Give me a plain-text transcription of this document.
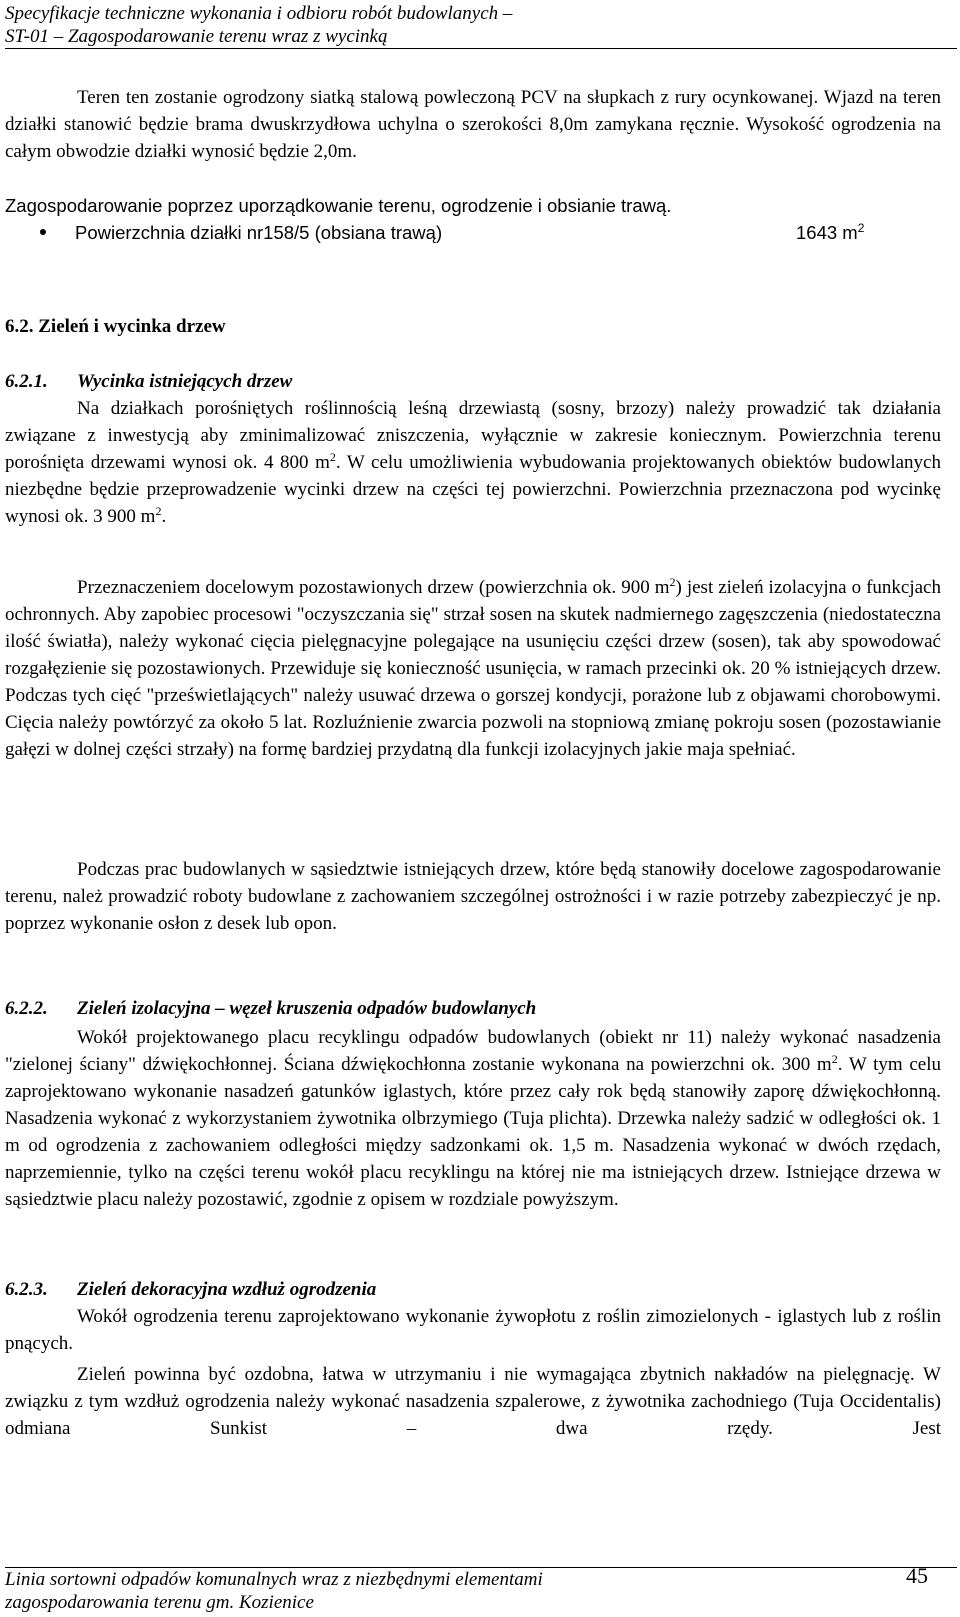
Specyfikacje techniczne wykonania i odbioru robót budowlanych –
ST-01 – Zagospodarowanie terenu wraz z wycinką
Teren ten zostanie ogrodzony siatką stalową powleczoną PCV na słupkach z rury ocynkowanej. Wjazd na teren działki stanowić będzie brama dwuskrzydłowa uchylna o szerokości 8,0m zamykana ręcznie. Wysokość ogrodzenia na całym obwodzie działki wynosić będzie 2,0m.
Zagospodarowanie poprzez uporządkowanie terenu, ogrodzenie i obsianie trawą.
Powierzchnia działki nr158/5 (obsiana trawą)	1643 $m^2$
6.2. Zieleń i wycinka drzew
6.2.1. Wycinka istniejących drzew
Na działkach porośniętych roślinnością leśną drzewiastą (sosny, brzozy) należy prowadzić tak działania związane z inwestycją aby zminimalizować zniszczenia, wyłącznie w zakresie koniecznym. Powierzchnia terenu porośnięta drzewami wynosi ok. 4 800 $m^2$. W celu umożliwienia wybudowania projektowanych obiektów budowlanych niezbędne będzie przeprowadzenie wycinki drzew na części tej powierzchni. Powierzchnia przeznaczona pod wycinkę wynosi ok. 3 900 $m^2$.
Przeznaczeniem docelowym pozostawionych drzew (powierzchnia ok. 900 $m^2$) jest zieleń izolacyjna o funkcjach ochronnych. Aby zapobiec procesowi "oczyszczania się" strzał sosen na skutek nadmiernego zagęszczenia (niedostateczna ilość światła), należy wykonać cięcia pielęgnacyjne polegające na usunięciu części drzew (sosen), tak aby spowodować rozgałęzienie się pozostawionych. Przewiduje się konieczność usunięcia, w ramach przecinki ok. 20 % istniejących drzew. Podczas tych cięć "prześwietlających" należy usuwać drzewa o gorszej kondycji, porażone lub z objawami chorobowymi. Cięcia należy powtórzyć za około 5 lat. Rozluźnienie zwarcia pozwoli na stopniową zmianę pokroju sosen (pozostawianie gałęzi w dolnej części strzały) na formę bardziej przydatną dla funkcji izolacyjnych jakie maja spełniać.
Podczas prac budowlanych w sąsiedztwie istniejących drzew, które będą stanowiły docelowe zagospodarowanie terenu, należ prowadzić roboty budowlane z zachowaniem szczególnej ostrożności i w razie potrzeby zabezpieczyć je np. poprzez wykonanie osłon z desek lub opon.
6.2.2. Zieleń izolacyjna – węzeł kruszenia odpadów budowlanych
Wokół projektowanego placu recyklingu odpadów budowlanych (obiekt nr 11) należy wykonać nasadzenia "zielonej ściany" dźwiękochłonnej. Ściana dźwiękochłonna zostanie wykonana na powierzchni ok. 300 $m^2$. W tym celu zaprojektowano wykonanie nasadzeń gatunków iglastych, które przez cały rok będą stanowiły zaporę dźwiękochłonną. Nasadzenia wykonać z wykorzystaniem żywotnika olbrzymiego (Tuja plichta). Drzewka należy sadzić w odległości ok. 1 m od ogrodzenia z zachowaniem odległości między sadzonkami ok. 1,5 m. Nasadzenia wykonać w dwóch rzędach, naprzemiennie, tylko na części terenu wokół placu recyklingu na której nie ma istniejących drzew. Istniejące drzewa w sąsiedztwie placu należy pozostawić, zgodnie z opisem w rozdziale powyższym.
6.2.3. Zieleń dekoracyjna wzdłuż ogrodzenia
Wokół ogrodzenia terenu zaprojektowano wykonanie żywopłotu z roślin zimozielonych - iglastych lub z roślin pnących.
Zieleń powinna być ozdobna, łatwa w utrzymaniu i nie wymagająca zbytnich nakładów na pielęgnację. W związku z tym wzdłuż ogrodzenia należy wykonać nasadzenia szpalerowe, z żywotnika zachodniego (Tuja Occidentalis) odmiana Sunkist – dwa rzędy. Jest
Linia sortowni odpadów komunalnych wraz z niezbędnymi elementami
zagospodarowania terenu gm. Kozienice
45
